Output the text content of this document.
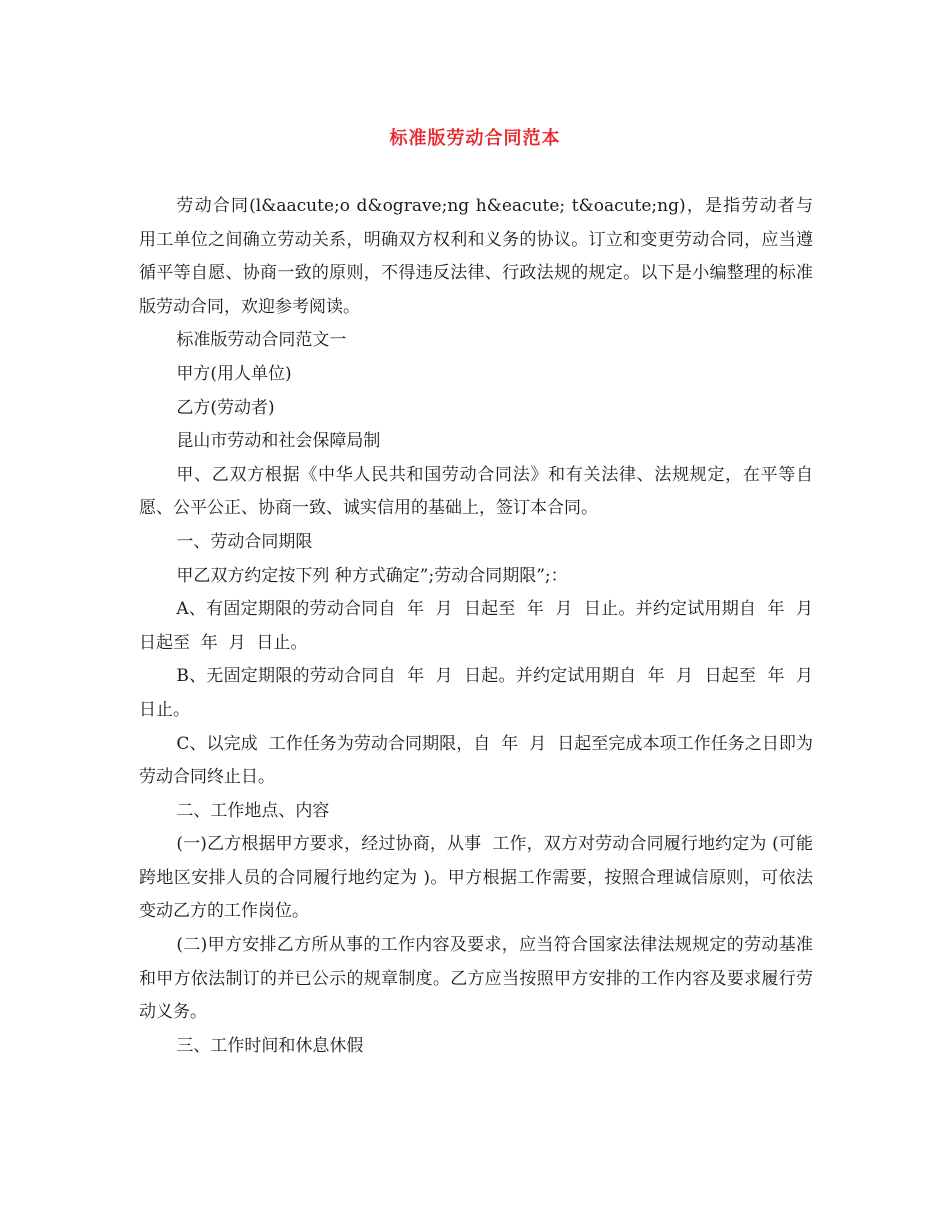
标准版劳动合同范本

劳动合同(l&aacute;o d&ograve;ng h&eacute; t&oacute;ng)，是指劳动者与用工单位之间确立劳动关系，明确双方权利和义务的协议。订立和变更劳动合同，应当遵循平等自愿、协商一致的原则，不得违反法律、行政法规的规定。以下是小编整理的标准版劳动合同，欢迎参考阅读。

标准版劳动合同范文一

甲方(用人单位)

乙方(劳动者)

昆山市劳动和社会保障局制

甲、乙双方根据《中华人民共和国劳动合同法》和有关法律、法规规定，在平等自愿、公平公正、协商一致、诚实信用的基础上，签订本合同。

一、劳动合同期限

甲乙双方约定按下列 种方式确定”;劳动合同期限”;：

A、有固定期限的劳动合同自  年  月  日起至  年  月  日止。并约定试用期自  年  月  日起至  年  月  日止。

B、无固定期限的劳动合同自  年  月  日起。并约定试用期自  年  月  日起至  年  月  日止。

C、以完成  工作任务为劳动合同期限，自  年  月  日起至完成本项工作任务之日即为劳动合同终止日。

二、工作地点、内容

(一)乙方根据甲方要求，经过协商，从事  工作，双方对劳动合同履行地约定为 (可能跨地区安排人员的合同履行地约定为 )。甲方根据工作需要，按照合理诚信原则，可依法变动乙方的工作岗位。

(二)甲方安排乙方所从事的工作内容及要求，应当符合国家法律法规规定的劳动基准和甲方依法制订的并已公示的规章制度。乙方应当按照甲方安排的工作内容及要求履行劳动义务。

三、工作时间和休息休假
